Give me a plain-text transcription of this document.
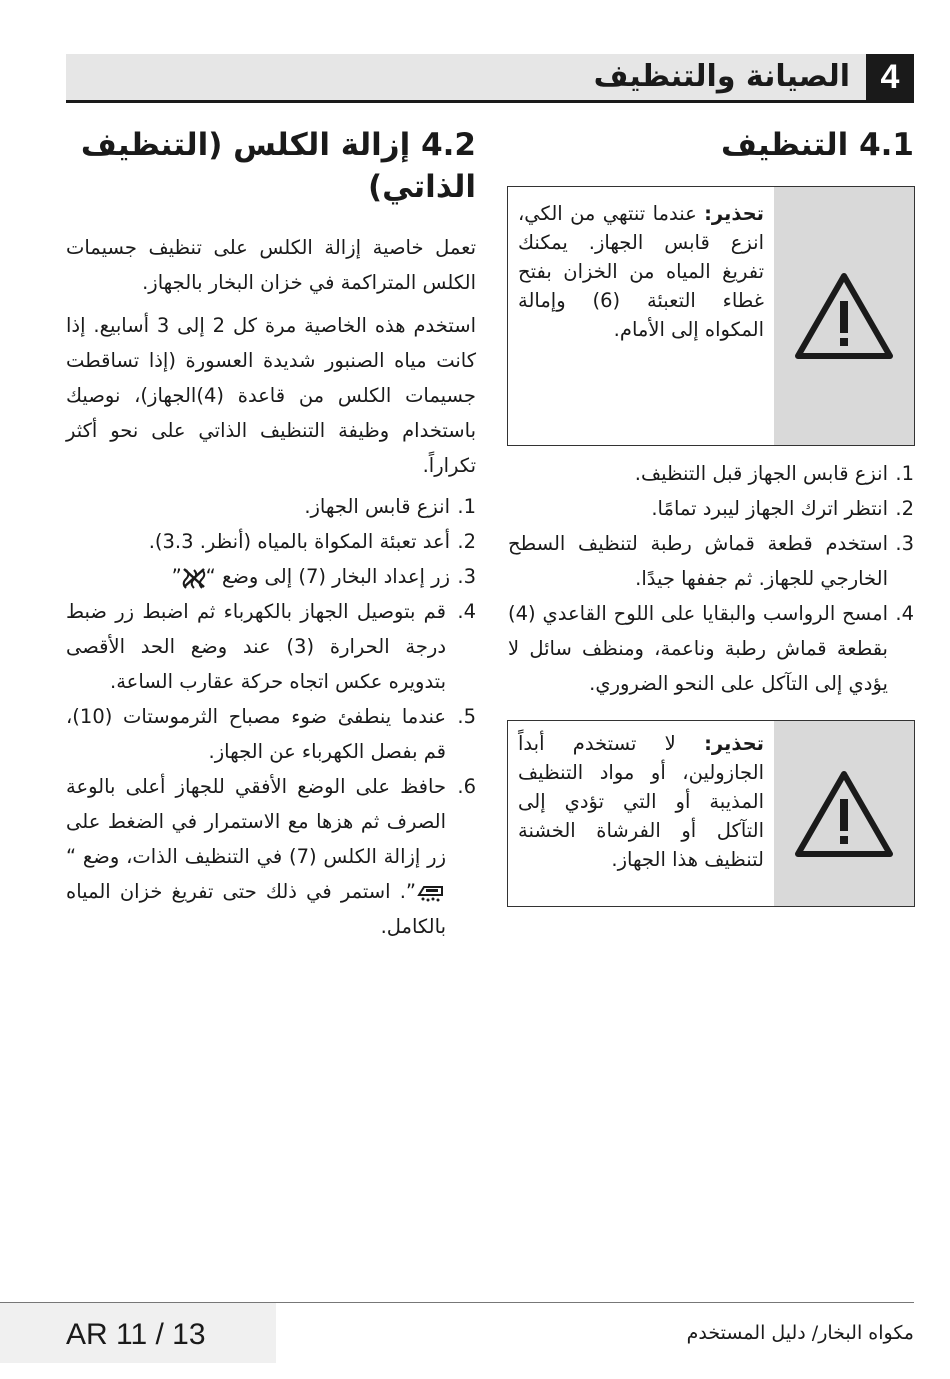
4
الصيانة والتنظيف
4.1 التنظيف
تحذير: عندما تنتهي من الكي، انزع قابس الجهاز. يمكنك تفريغ المياه من الخزان بفتح غطاء التعبئة (6) وإمالة المكواه إلى الأمام.
1.
انزع قابس الجهاز قبل التنظيف.
2.
انتظر اترك الجهاز ليبرد تمامًا.
3.
استخدم قطعة قماش رطبة لتنظيف السطح الخارجي للجهاز. ثم جففها جيدًا.
4.
امسح الرواسب والبقايا على اللوح القاعدي (4) بقطعة قماش رطبة وناعمة، ومنظف سائل لا يؤدي إلى التآكل على النحو الضروري.
تحذير: لا تستخدم أبداً الجازولين، أو مواد التنظيف المذيبة أو التي تؤدي إلى التآكل أو الفرشاة الخشنة لتنظيف هذا الجهاز.
4.2 إزالة الكلس (التنظيف الذاتي)

تعمل خاصية إزالة الكلس على تنظيف جسيمات الكلس المتراكمة في خزان البخار بالجهاز.

استخدم هذه الخاصية مرة كل 2 إلى 3 أسابيع. إذا كانت مياه الصنبور شديدة العسورة (إذا تساقطت جسيمات الكلس من قاعدة (4)الجهاز)، نوصيك باستخدام وظيفة التنظيف الذاتي على نحو أكثر تكراراً.

1.
انزع قابس الجهاز.
2.
أعد تعبئة المكواة بالمياه (أنظر. 3.3).
3.
زر إعداد البخار (7) إلى وضع “”
4.
قم بتوصيل الجهاز بالكهرباء ثم اضبط زر ضبط درجة الحرارة (3) عند وضع الحد الأقصى بتدويره عكس اتجاه حركة عقارب الساعة.
5.
عندما ينطفئ ضوء مصباح الثرموستات (10)، قم بفصل الكهرباء عن الجهاز.
6.
حافظ على الوضع الأفقي للجهاز أعلى بالوعة الصرف ثم هزها مع الاستمرار في الضغط على زر إزالة الكلس (7) في التنظيف الذات، وضع “”. استمر في ذلك حتى تفريغ خزان المياه بالكامل.
AR 11 / 13	مكواه البخار/ دليل المستخدم
